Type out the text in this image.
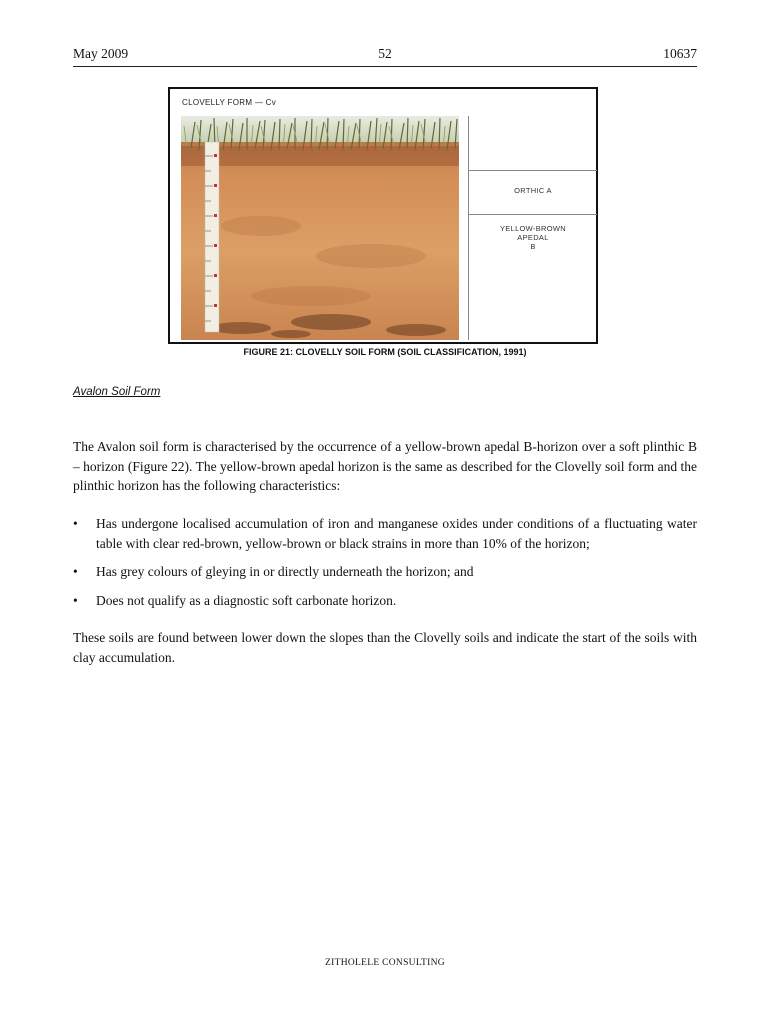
May 2009	52	10637
CLOVELLY FORM — Cv
ORTHIC A
YELLOW-BROWN
APEDAL
B
FIGURE 21: CLOVELLY SOIL FORM (SOIL CLASSIFICATION, 1991)
Avalon Soil Form

The Avalon soil form is characterised by the occurrence of a yellow-brown apedal B-horizon over a soft plinthic B – horizon (Figure 22). The yellow-brown apedal horizon is the same as described for the Clovelly soil form and the plinthic horizon has the following characteristics:

• Has undergone localised accumulation of iron and manganese oxides under conditions of a fluctuating water table with clear red-brown, yellow-brown or black strains in more than 10% of the horizon;
• Has grey colours of gleying in or directly underneath the horizon; and
• Does not qualify as a diagnostic soft carbonate horizon.

These soils are found between lower down the slopes than the Clovelly soils and indicate the start of the soils with clay accumulation.

ZITHOLELE CONSULTING
